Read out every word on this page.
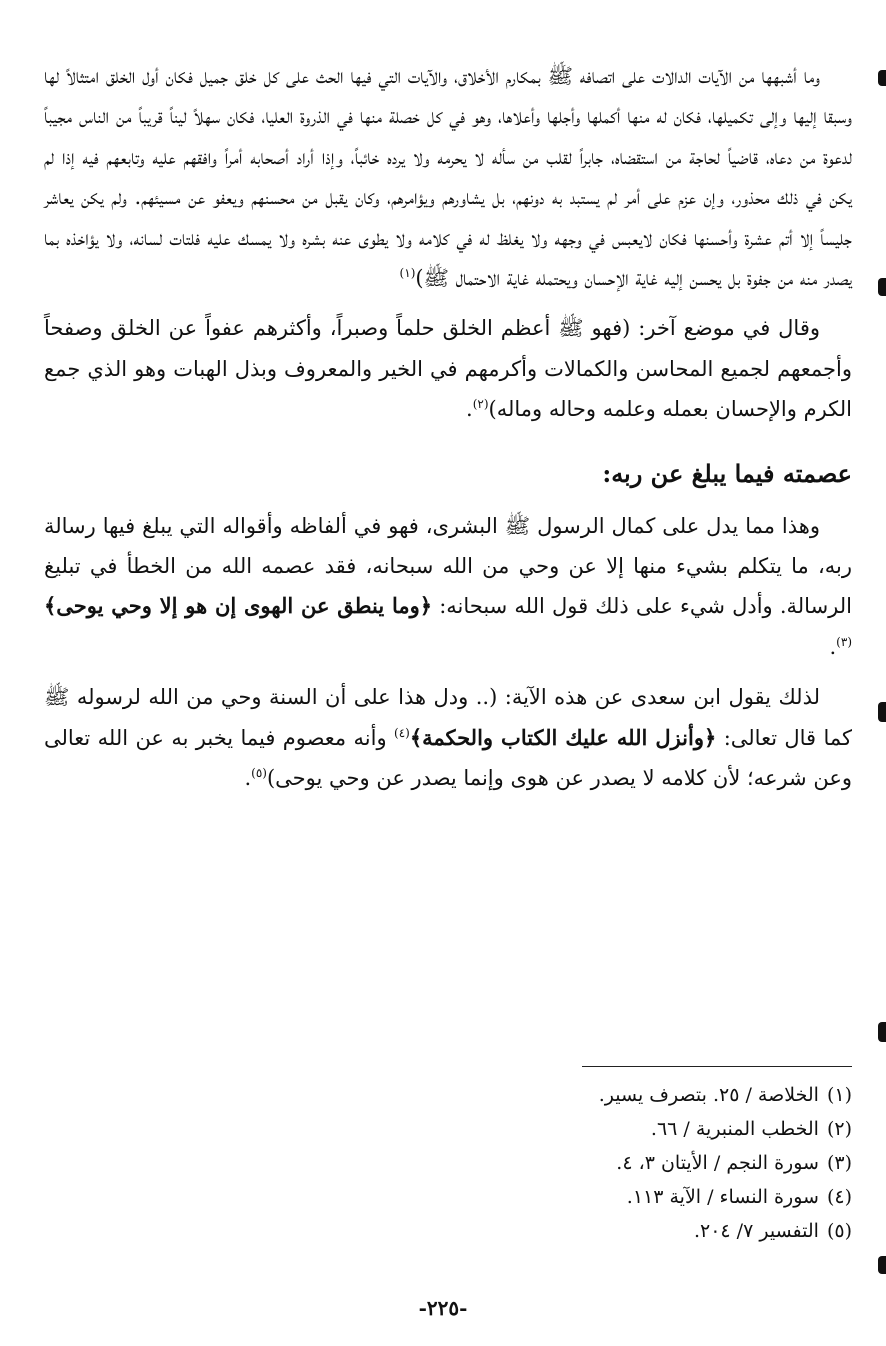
وما أشبهها من الآيات الدالات على اتصافه ﷺ بمكارم الأخلاق، والآيات التي فيها الحث على كل خلق جميل فكان أول الخلق امتثالاً لها وسبقا إليها وإلى تكميلها، فكان له منها أكملها وأجلها وأعلاها، وهو في كل خصلة منها في الذروة العليا، فكان سهلاً ليناً قريباً من الناس مجيباً لدعوة من دعاه، قاضياً لحاجة من استقضاه، جابراً لقلب من سأله لا يحرمه ولا يرده خائباً، وإذا أراد أصحابه أمراً وافقهم عليه وتابعهم فيه إذا لم يكن في ذلك محذور، وإن عزم على أمر لم يستبد به دونهم، بل يشاورهم ويؤامرهم، وكان يقبل من محسنهم ويعفو عن مسيئهم. ولم يكن يعاشر جليساً إلا أتم عشرة وأحسنها فكان لايعبس في وجهه ولا يغلظ له في كلامه ولا يطوى عنه بشره ولا يمسك عليه فلتات لسانه، ولا يؤاخذه بما يصدر منه من جفوة بل يحسن إليه غاية الإحسان ويحتمله غاية الاحتمال ﷺ)$^{(١)}$

وقال في موضع آخر: (فهو ﷺ أعظم الخلق حلماً وصبراً، وأكثرهم عفواً عن الخلق وصفحاً وأجمعهم لجميع المحاسن والكمالات وأكرمهم في الخير والمعروف وبذل الهبات وهو الذي جمع الكرم والإحسان بعمله وعلمه وحاله وماله)$^{(٢)}$.

عصمته فيما يبلغ عن ربه:

وهذا مما يدل على كمال الرسول ﷺ البشرى، فهو في ألفاظه وأقواله التي يبلغ فيها رسالة ربه، ما يتكلم بشيء منها إلا عن وحي من الله سبحانه، فقد عصمه الله من الخطأ في تبليغ الرسالة. وأدل شيء على ذلك قول الله سبحانه: ﴿وما ينطق عن الهوى إن هو إلا وحي يوحى﴾$^{(٣)}$.

لذلك يقول ابن سعدى عن هذه الآية: (.. ودل هذا على أن السنة وحي من الله لرسوله ﷺ كما قال تعالى: ﴿وأنزل الله عليك الكتاب والحكمة﴾$^{(٤)}$ وأنه معصوم فيما يخبر به عن الله تعالى وعن شرعه؛ لأن كلامه لا يصدر عن هوى وإنما يصدر عن وحي يوحى)$^{(٥)}$.

(١)الخلاصة / ٢٥. بتصرف يسير.
(٢)الخطب المنبرية / ٦٦.
(٣)سورة النجم / الأيتان ٣، ٤.
(٤)سورة النساء / الآية ١١٣.
(٥)التفسير ٧/ ٢٠٤.
-٢٢٥-
